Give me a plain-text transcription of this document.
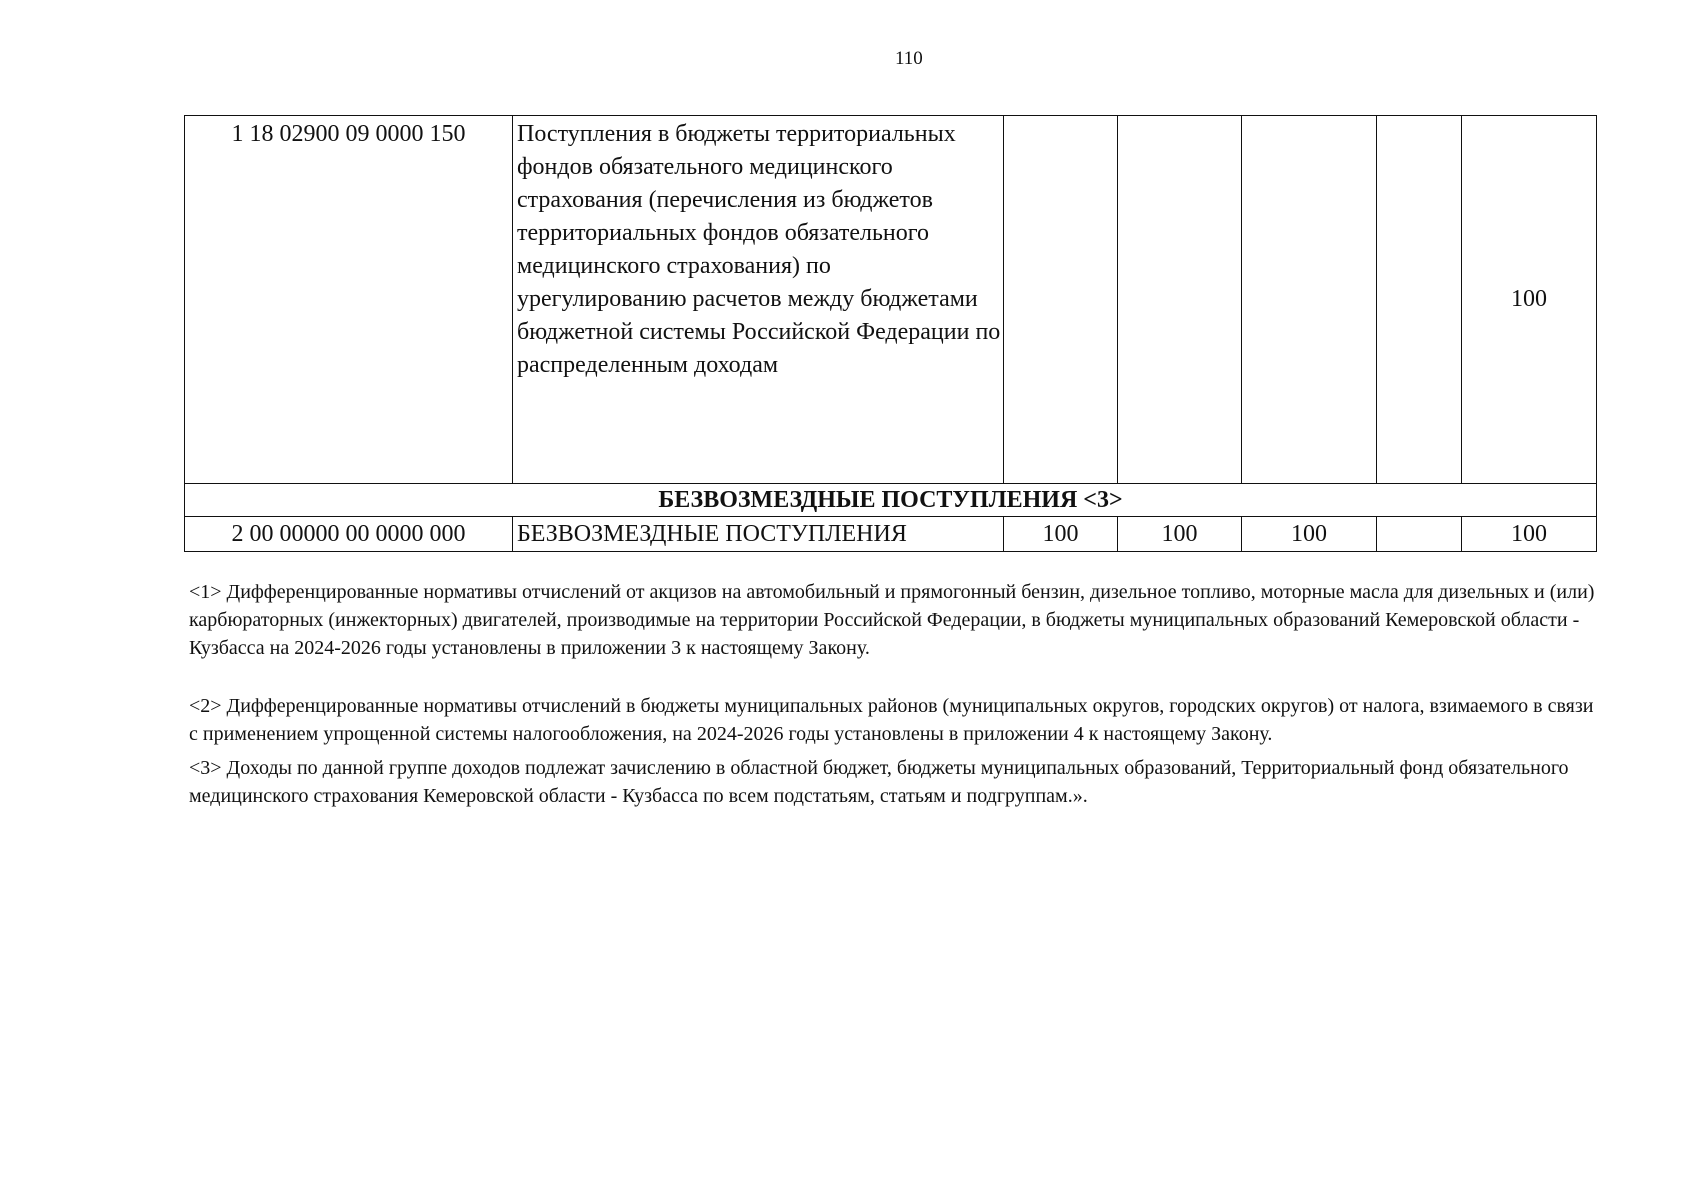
110
1 18 02900 09 0000 150	Поступления в бюджеты территориальных фондов обязательного медицинского страхования (перечисления из бюджетов территориальных фондов обязательного медицинского страхования) по урегулированию расчетов между бюджетами бюджетной системы Российской Федерации по распределенным доходам					100
БЕЗВОЗМЕЗДНЫЕ ПОСТУПЛЕНИЯ <3>						
2 00 00000 00 0000 000	БЕЗВОЗМЕЗДНЫЕ ПОСТУПЛЕНИЯ	100	100	100		100

<1> Дифференцированные нормативы отчислений от акцизов на автомобильный и прямогонный бензин, дизельное топливо, моторные масла для дизельных и (или) карбюраторных (инжекторных) двигателей, производимые на территории Российской Федерации, в бюджеты муниципальных образований Кемеровской области - Кузбасса на 2024-2026 годы установлены в приложении 3 к настоящему Закону.

<2> Дифференцированные нормативы отчислений в бюджеты муниципальных районов (муниципальных округов, городских округов) от налога, взимаемого в связи с применением упрощенной системы налогообложения, на 2024-2026 годы установлены в приложении 4 к настоящему Закону.

<3> Доходы по данной группе доходов подлежат зачислению в областной бюджет, бюджеты муниципальных образований, Территориальный фонд обязательного медицинского страхования Кемеровской области - Кузбасса по всем подстатьям, статьям и подгруппам.».
